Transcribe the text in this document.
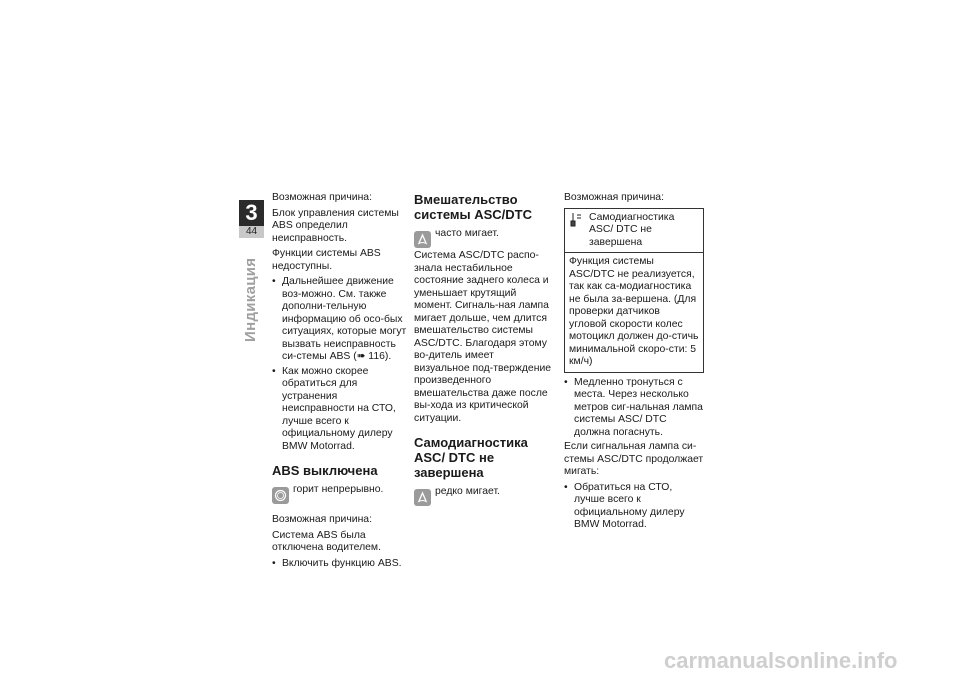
3
44
Индикация

Возможная причина:

Блок управления системы ABS определил неисправность.

Функции системы ABS недоступны.

• Дальнейшее движение воз-можно. См. также дополни-тельную информацию об осо-бых ситуациях, которые могут вызвать неисправность си-стемы ABS (➠ 116).

• Как можно скорее обратиться для устранения неисправности на СТО, лучше всего к официальному дилеру BMW Motorrad.

ABS выключена
горит непрерывно.

Возможная причина:

Система ABS была отключена водителем.

• Включить функцию ABS.

Вмешательство системы ASC/DTC
часто мигает.

Система ASC/DTC распо-знала нестабильное состояние заднего колеса и уменьшает крутящий момент. Сигналь-ная лампа мигает дольше, чем длится вмешательство системы ASC/DTC. Благодаря этому во-дитель имеет визуальное под-тверждение произведенного вмешательства даже после вы-хода из критической ситуации.

Самодиагностика ASC/ DTC не завершена
редко мигает.

Возможная причина:

Самодиагностика ASC/ DTC не завершена
Функция системы ASC/DTC не реализуется, так как са-модиагностика не была за-вершена. (Для проверки датчиков угловой скорости колес мотоцикл должен до-стичь минимальной скоро-сти: 5 км/ч)

• Медленно тронуться с места. Через несколько метров сиг-нальная лампа системы ASC/ DTC должна погаснуть.

Если сигнальная лампа си-стемы ASC/DTC продолжает мигать:

• Обратиться на СТО, лучше всего к официальному дилеру BMW Motorrad.

carmanualsonline.info
